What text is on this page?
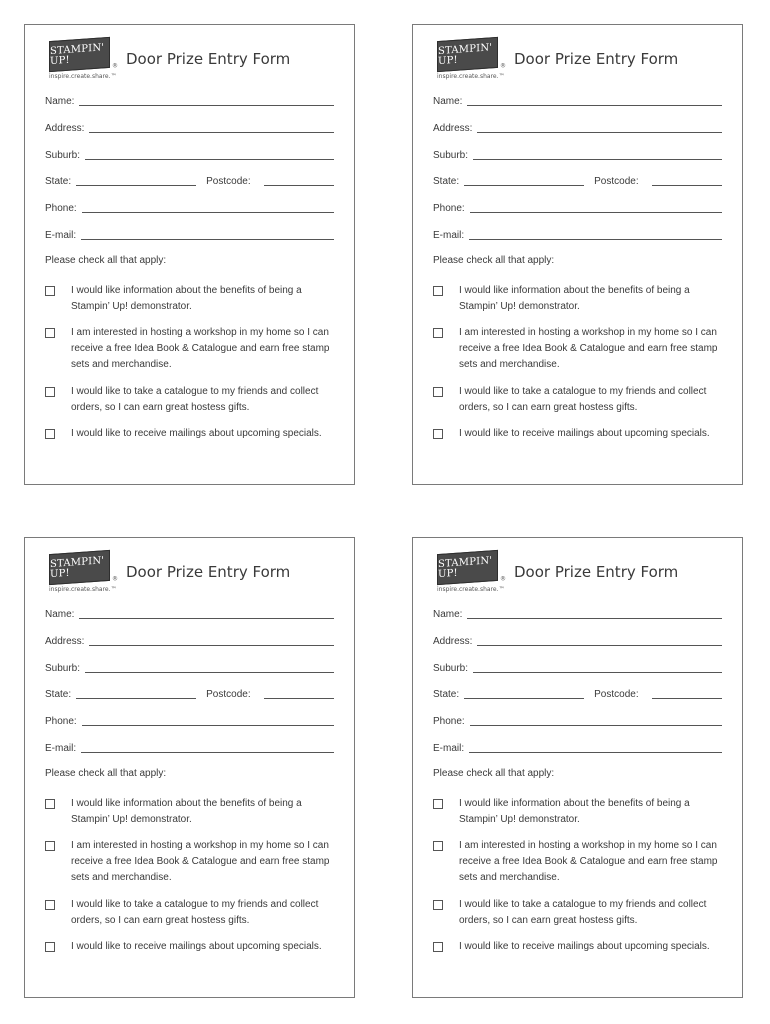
STAMPIN' UP!
®
inspire.create.share.™
Door Prize Entry Form
Name:
Address:
Suburb:
State:	Postcode:
Phone:
E-mail:
Please check all that apply:
I would like information about the benefits of being a Stampin’ Up! demonstrator.
I am interested in hosting a workshop in my home so I can receive a free Idea Book & Catalogue and earn free stamp sets and merchandise.
I would like to take a catalogue to my friends and collect orders, so I can earn great hostess gifts.
I would like to receive mailings about upcoming specials.
STAMPIN' UP!
®
inspire.create.share.™
Door Prize Entry Form
Name:
Address:
Suburb:
State:	Postcode:
Phone:
E-mail:
Please check all that apply:
I would like information about the benefits of being a Stampin’ Up! demonstrator.
I am interested in hosting a workshop in my home so I can receive a free Idea Book & Catalogue and earn free stamp sets and merchandise.
I would like to take a catalogue to my friends and collect orders, so I can earn great hostess gifts.
I would like to receive mailings about upcoming specials.
STAMPIN' UP!
®
inspire.create.share.™
Door Prize Entry Form
Name:
Address:
Suburb:
State:	Postcode:
Phone:
E-mail:
Please check all that apply:
I would like information about the benefits of being a Stampin’ Up! demonstrator.
I am interested in hosting a workshop in my home so I can receive a free Idea Book & Catalogue and earn free stamp sets and merchandise.
I would like to take a catalogue to my friends and collect orders, so I can earn great hostess gifts.
I would like to receive mailings about upcoming specials.
STAMPIN' UP!
®
inspire.create.share.™
Door Prize Entry Form
Name:
Address:
Suburb:
State:	Postcode:
Phone:
E-mail:
Please check all that apply:
I would like information about the benefits of being a Stampin’ Up! demonstrator.
I am interested in hosting a workshop in my home so I can receive a free Idea Book & Catalogue and earn free stamp sets and merchandise.
I would like to take a catalogue to my friends and collect orders, so I can earn great hostess gifts.
I would like to receive mailings about upcoming specials.
